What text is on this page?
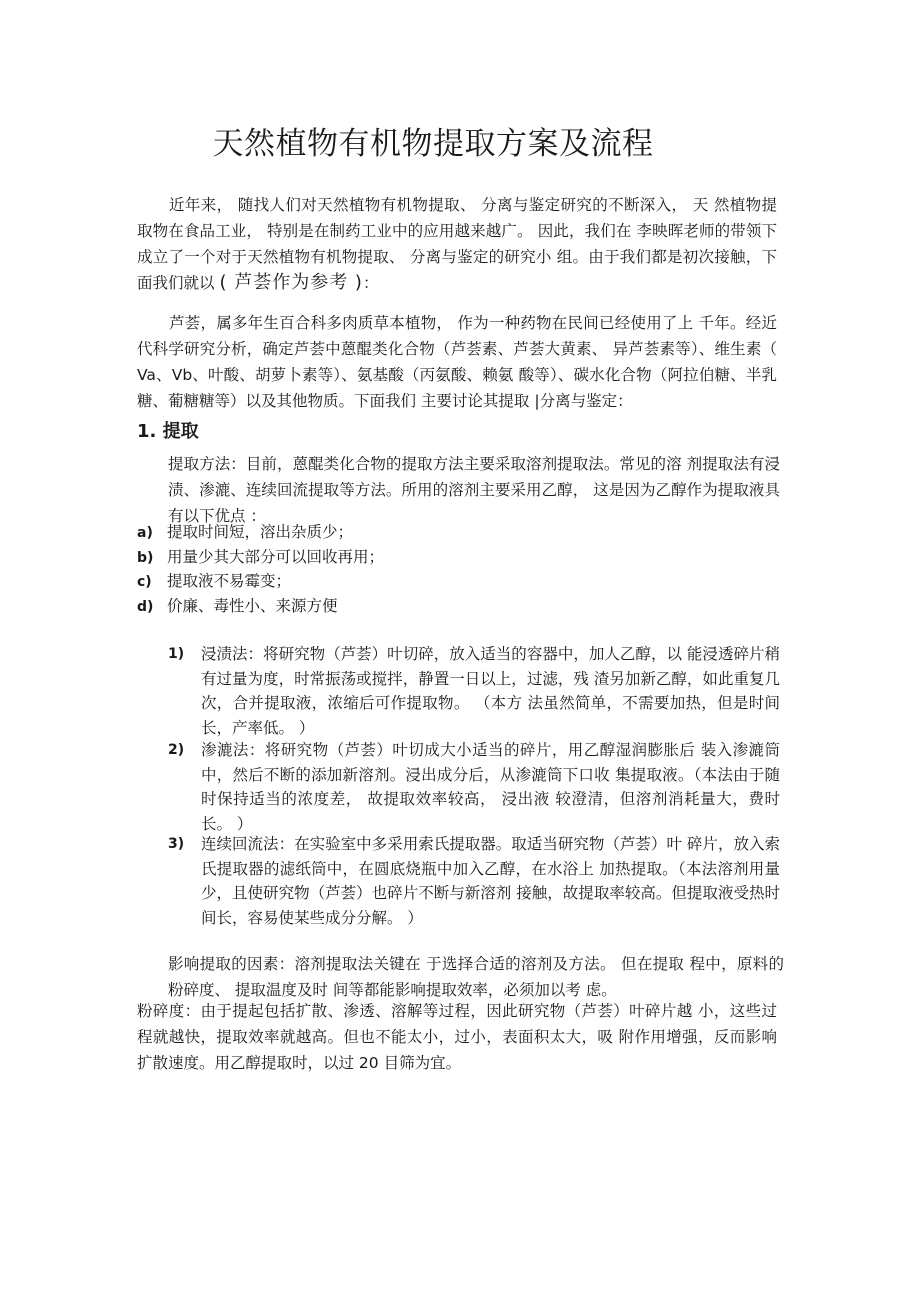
天然植物有机物提取方案及流程

近年来， 随找人们对天然植物有机物提取、 分离与鉴定研究的不断深入， 天 然植物提取物在食品工业， 特别是在制药工业中的应用越来越广。 因此，我们在 李映晖老师的带领下成立了一个对于天然植物有机物提取、 分离与鉴定的研究小 组。由于我们都是初次接触，下面我们就以 ( 芦荟作为参考 )：

芦荟，属多年生百合科多肉质草本植物， 作为一种药物在民间已经使用了上 千年。经近代科学研究分析，确定芦荟中蒽醌类化合物（芦荟素、芦荟大黄素、 异芦荟素等）、维生素（ Va、Vb、叶酸、胡萝卜素等）、氨基酸（丙氨酸、赖氨 酸等）、碳水化合物（阿拉伯糖、半乳糖、葡糖糖等）以及其他物质。下面我们 主要讨论其提取 |分离与鉴定：

1. 提取

提取方法：目前，蒽醌类化合物的提取方法主要采取溶剂提取法。常见的溶 剂提取法有浸渍、渗漉、连续回流提取等方法。所用的溶剂主要采用乙醇， 这是因为乙醇作为提取液具有以下优点 ：

a) 提取时间短，溶出杂质少；
b) 用量少其大部分可以回收再用；
c) 提取液不易霉变；
d) 价廉、毒性小、来源方便
1) 浸渍法：将研究物（芦荟）叶切碎，放入适当的容器中，加人乙醇，以 能浸透碎片稍有过量为度，时常振荡或搅拌，静置一日以上，过滤，残 渣另加新乙醇，如此重复几次，合并提取液，浓缩后可作提取物。 （本方 法虽然简单，不需要加热，但是时间长，产率低。 ）

2) 渗漉法：将研究物（芦荟）叶切成大小适当的碎片，用乙醇湿润膨胀后 装入渗漉筒中，然后不断的添加新溶剂。浸出成分后，从渗漉筒下口收 集提取液。（本法由于随时保持适当的浓度差， 故提取效率较高， 浸出液 较澄清，但溶剂消耗量大，费时长。 ）

3) 连续回流法：在实验室中多采用索氏提取器。取适当研究物（芦荟）叶 碎片，放入索氏提取器的滤纸筒中，在圆底烧瓶中加入乙醇，在水浴上 加热提取。（本法溶剂用量少，且使研究物（芦荟）也碎片不断与新溶剂 接触，故提取率较高。但提取液受热时间长，容易使某些成分分解。 ）

影响提取的因素：溶剂提取法关键在 于选择合适的溶剂及方法。 但在提取 程中，原料的粉碎度、 提取温度及时 间等都能影响提取效率，必须加以考 虑。

粉碎度：由于提起包括扩散、渗透、溶解等过程，因此研究物（芦荟）叶碎片越 小，这些过程就越快，提取效率就越高。但也不能太小，过小，表面积太大，吸 附作用增强，反而影响扩散速度。用乙醇提取时，以过 20 目筛为宜。
